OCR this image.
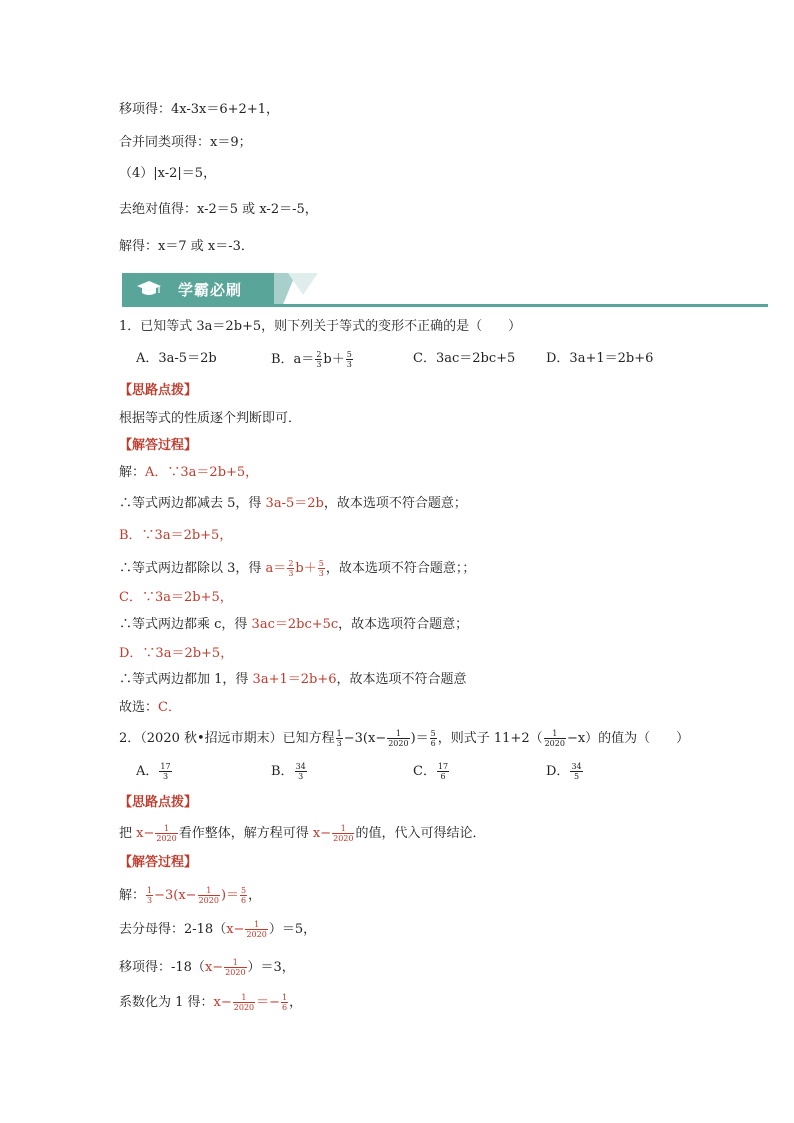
移项得：4x-3x＝6+2+1，
合并同类项得：x＝9；
（4）|x-2|＝5，
去绝对值得：x-2＝5 或 x-2＝-5，
解得：x＝7 或 x＝-3．
学霸必刷
1．已知等式 3a＝2b+5，则下列关于等式的变形不正确的是（　　）
A．3a-5＝2b	B．$a= \frac{2}{3} b+ \frac{5}{3}$	C．3ac＝2bc+5 D．3a+1＝2b+6
【思路点拨】
根据等式的性质逐个判断即可．
【解答过程】
解：A．∵3a＝2b+5，
∴等式两边都减去 5，得 3a-5＝2b，故本选项不符合题意；
B．∵3a＝2b+5，
∴等式两边都除以 3，得 $a= \frac{2}{3} b+ \frac{5}{3}$ ，故本选项不符合题意；；
C．∵3a＝2b+5，
∴等式两边都乘 c，得 3ac＝2bc+5c，故本选项符合题意；
D．∵3a＝2b+5，
∴等式两边都加 1，得 3a+1＝2b+6，故本选项不符合题意
故选：C．
2．（2020 秋•招远市期末）已知方程 $\frac{1}{3} -3(x- \frac{1}{2020}$ )＝ $\frac{5}{6}$ ，则式子 $11+2( \frac{1}{2020} -x)$的值为（　　）
A． $\frac{17}{3}$	B． $\frac{34}{3}$	C． $\frac{17}{6}$	D． $\frac{34}{5}$
【思路点拨】
把 $x- \frac{1}{2020}$ 看作整体，解方程可得 $x- \frac{1}{2020}$ 的值，代入可得结论．
【解答过程】
解： $\frac{1}{3} -3(x- \frac{1}{2020}$ )＝ $\frac{5}{6}$ ，
去分母得：$2-18(x- \frac{1}{2020} )=5$，
移项得：$-18(x- \frac{1}{2020} )=3$，
系数化为 1 得：$x- \frac{1}{2020} =- \frac{1}{6}$ ，
